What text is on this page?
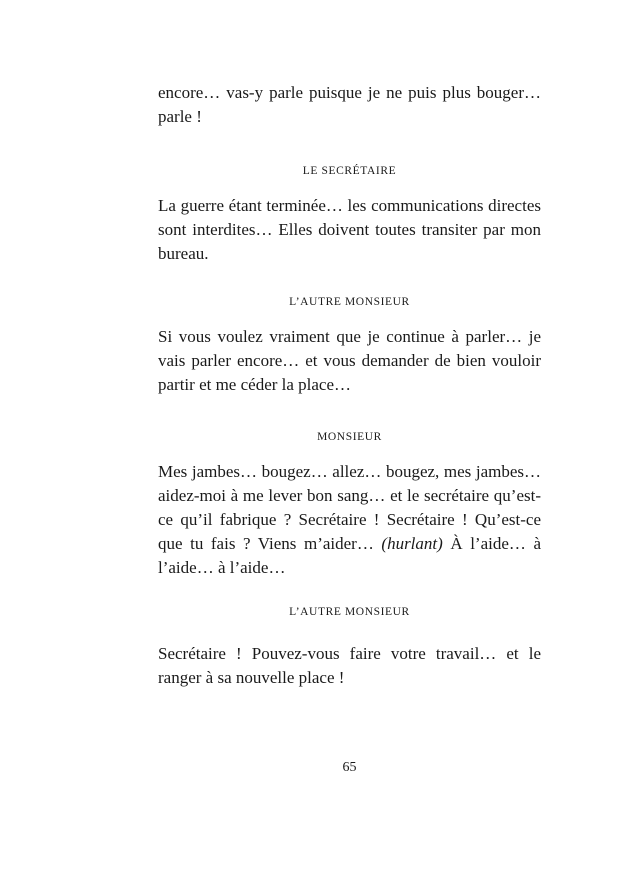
encore… vas-y parle puisque je ne puis plus bouger… parle !

LE SECRÉTAIRE

La guerre étant terminée… les communications directes sont interdites… Elles doivent toutes transiter par mon bureau.

L’AUTRE MONSIEUR

Si vous voulez vraiment que je continue à parler… je vais parler encore… et vous demander de bien vouloir partir et me céder la place…

MONSIEUR

Mes jambes… bougez… allez… bougez, mes jambes… aidez-moi à me lever bon sang… et le secrétaire qu’est-ce qu’il fabrique ? Secrétaire ! Secrétaire ! Qu’est-ce que tu fais ? Viens m’aider… (hurlant) À l’aide… à l’aide… à l’aide…

L’AUTRE MONSIEUR

Secrétaire ! Pouvez-vous faire votre travail… et le ranger à sa nouvelle place !

65
